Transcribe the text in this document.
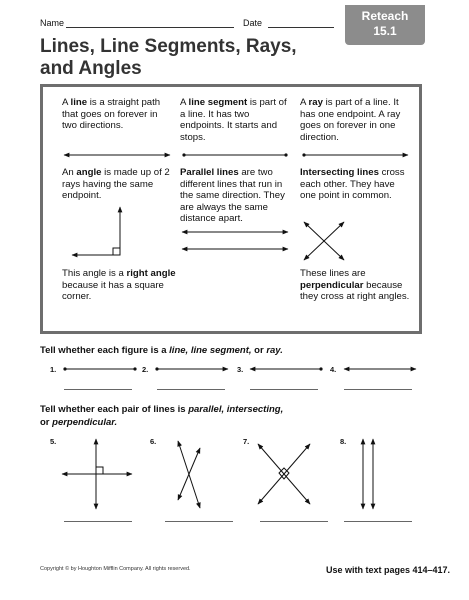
Name	Date	Reteach
15.1
Lines, Line Segments, Rays,
and Angles
A line is a straight path that goes on forever in two directions.
A line segment is part of a line. It has two endpoints. It starts and stops.
A ray is part of a line. It has one endpoint. A ray goes on forever in one direction.
An angle is made up of 2 rays having the same endpoint.
Parallel lines are two different lines that run in the same direction. They are always the same distance apart.
Intersecting lines cross each other. They have one point in common.
This angle is a right angle because it has a square corner.
These lines are perpendicular because they cross at right angles.
Tell whether each figure is a line, line segment, or ray.
1.	2.	3.	4.
Tell whether each pair of lines is parallel, intersecting,
or perpendicular.
5.	6.	7.	8.
Copyright © by Houghton Mifflin Company. All rights reserved.	Use with text pages 414–417.
